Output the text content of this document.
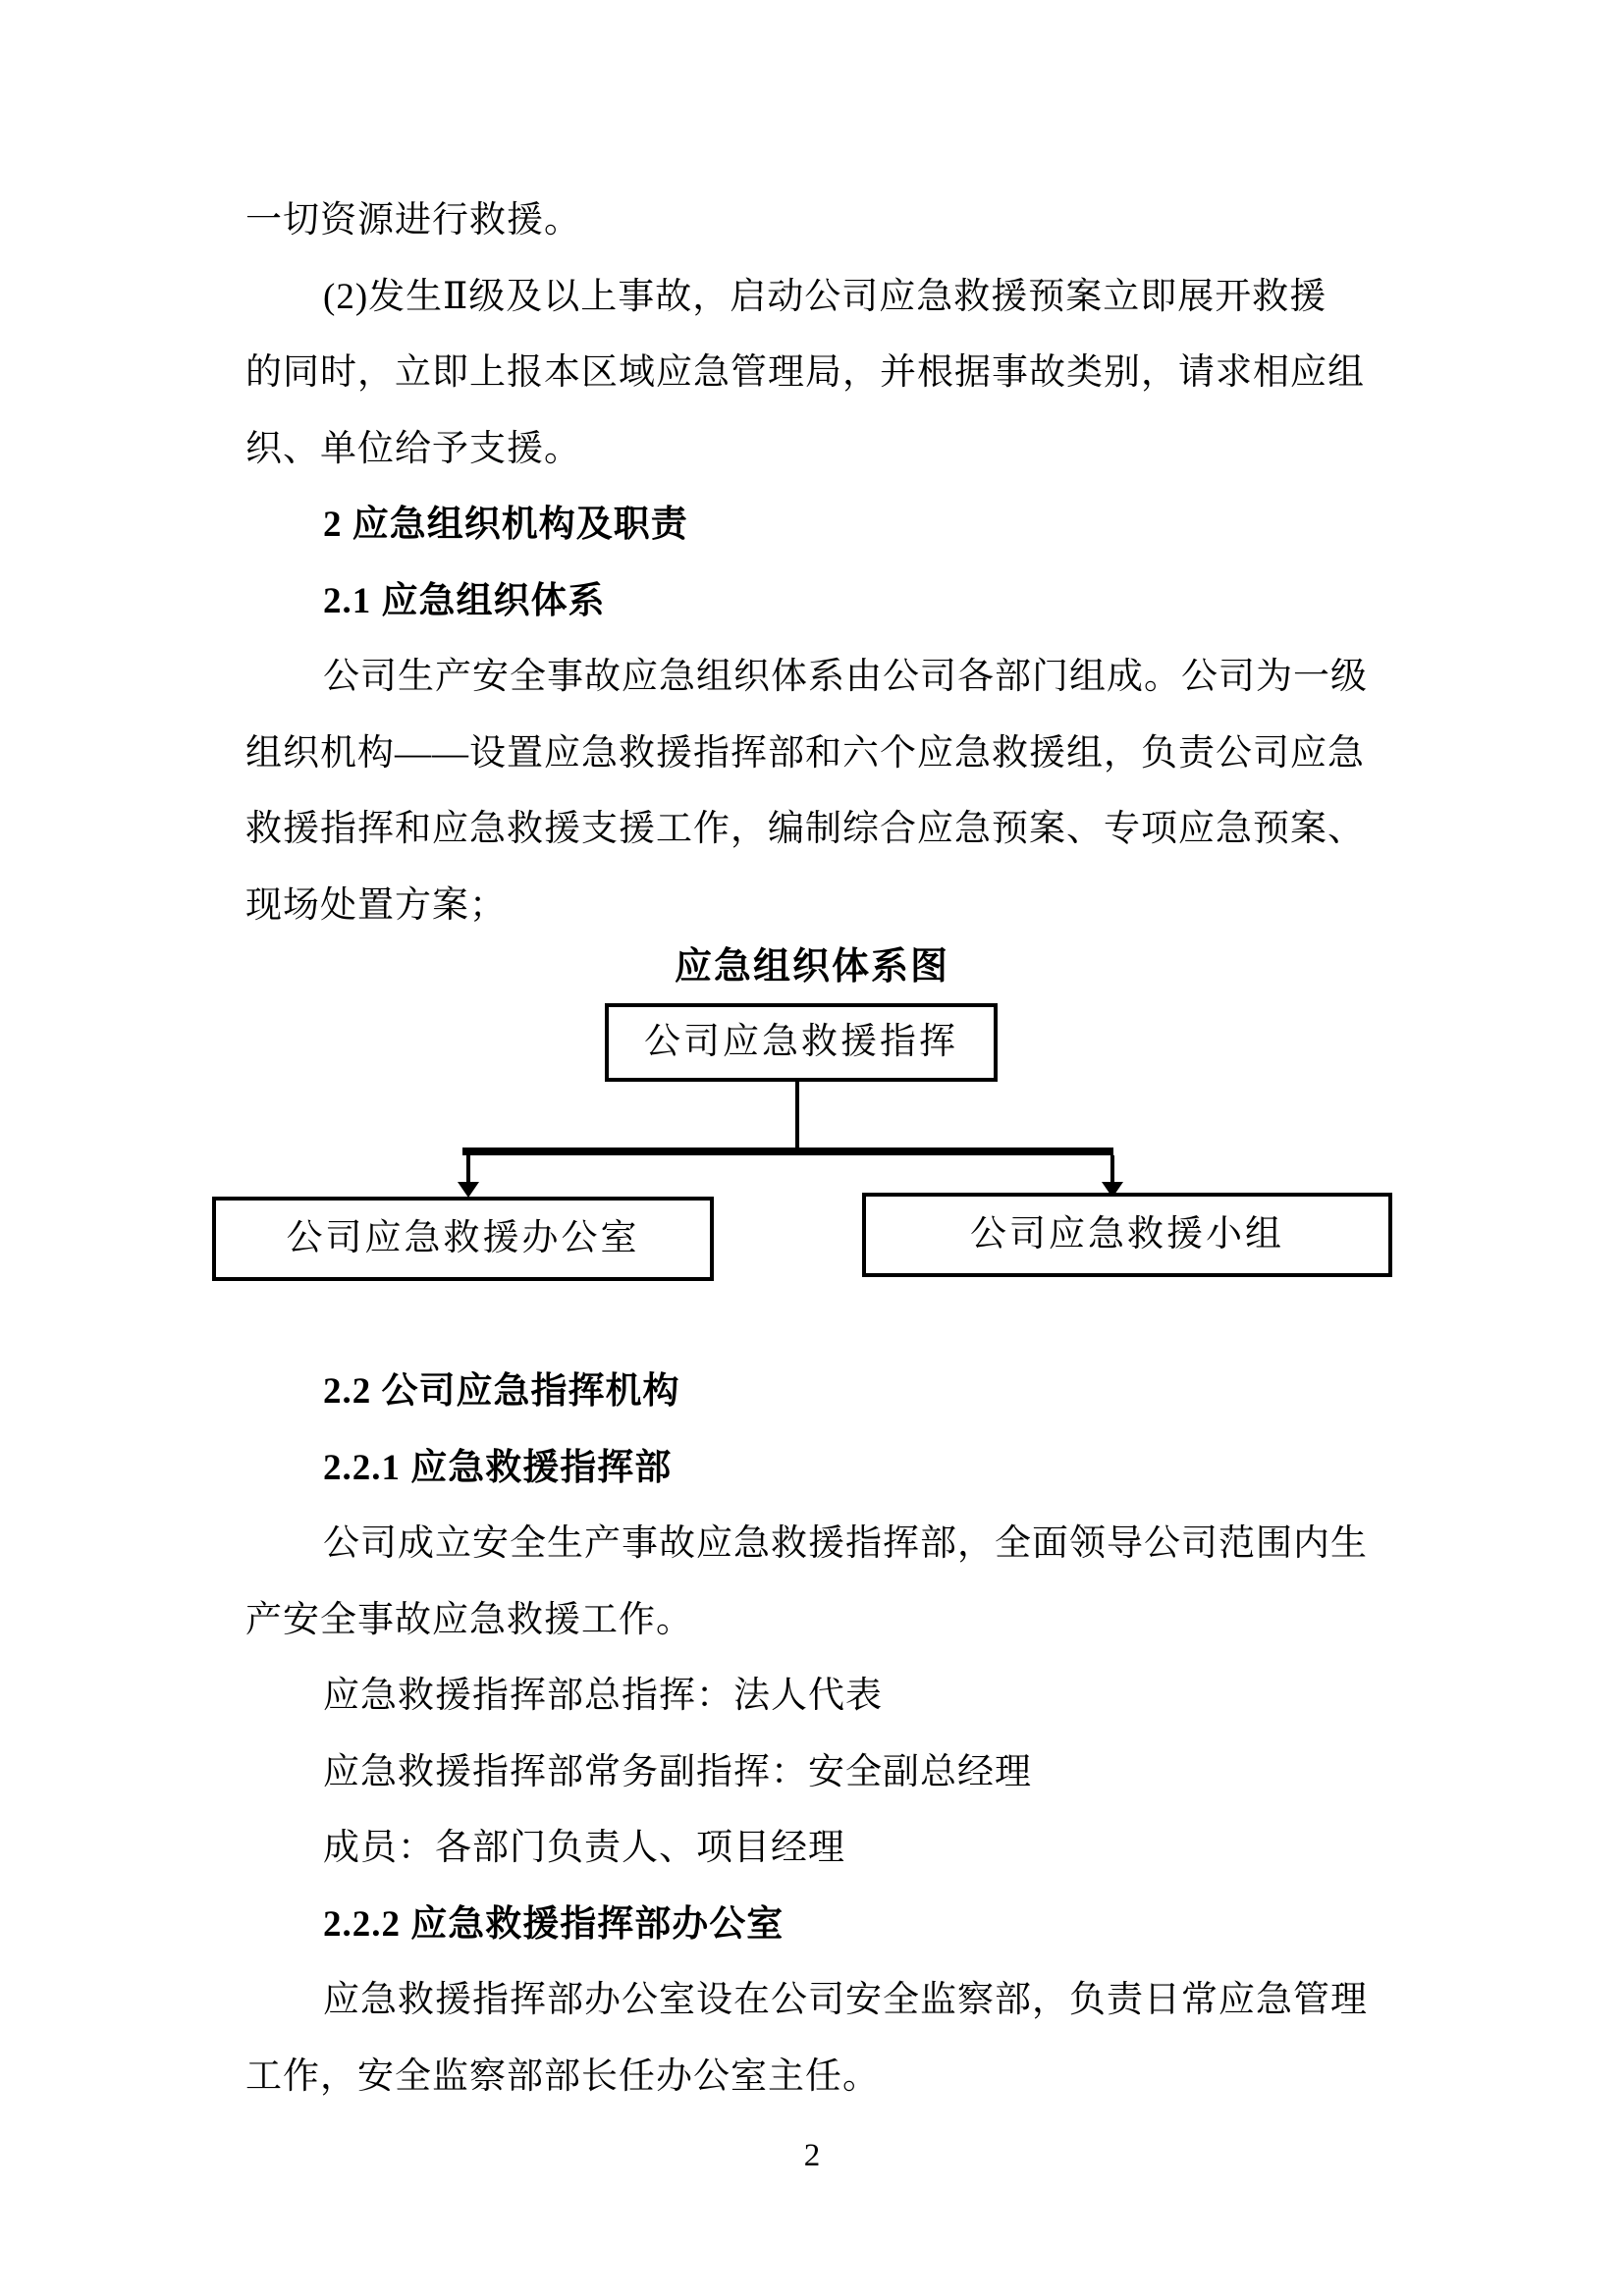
一切资源进行救援。
(2)发生Ⅱ级及以上事故，启动公司应急救援预案立即展开救援
的同时，立即上报本区域应急管理局，并根据事故类别，请求相应组
织、单位给予支援。
2 应急组织机构及职责
2.1 应急组织体系
公司生产安全事故应急组织体系由公司各部门组成。公司为一级
组织机构——设置应急救援指挥部和六个应急救援组，负责公司应急
救援指挥和应急救援支援工作，编制综合应急预案、专项应急预案、
现场处置方案；
应急组织体系图
公司应急救援指挥
公司应急救援办公室	公司应急救援小组
2.2 公司应急指挥机构
2.2.1 应急救援指挥部
公司成立安全生产事故应急救援指挥部，全面领导公司范围内生
产安全事故应急救援工作。
应急救援指挥部总指挥：法人代表
应急救援指挥部常务副指挥：安全副总经理
成员：各部门负责人、项目经理
2.2.2 应急救援指挥部办公室
应急救援指挥部办公室设在公司安全监察部，负责日常应急管理
工作，安全监察部部长任办公室主任。
2
